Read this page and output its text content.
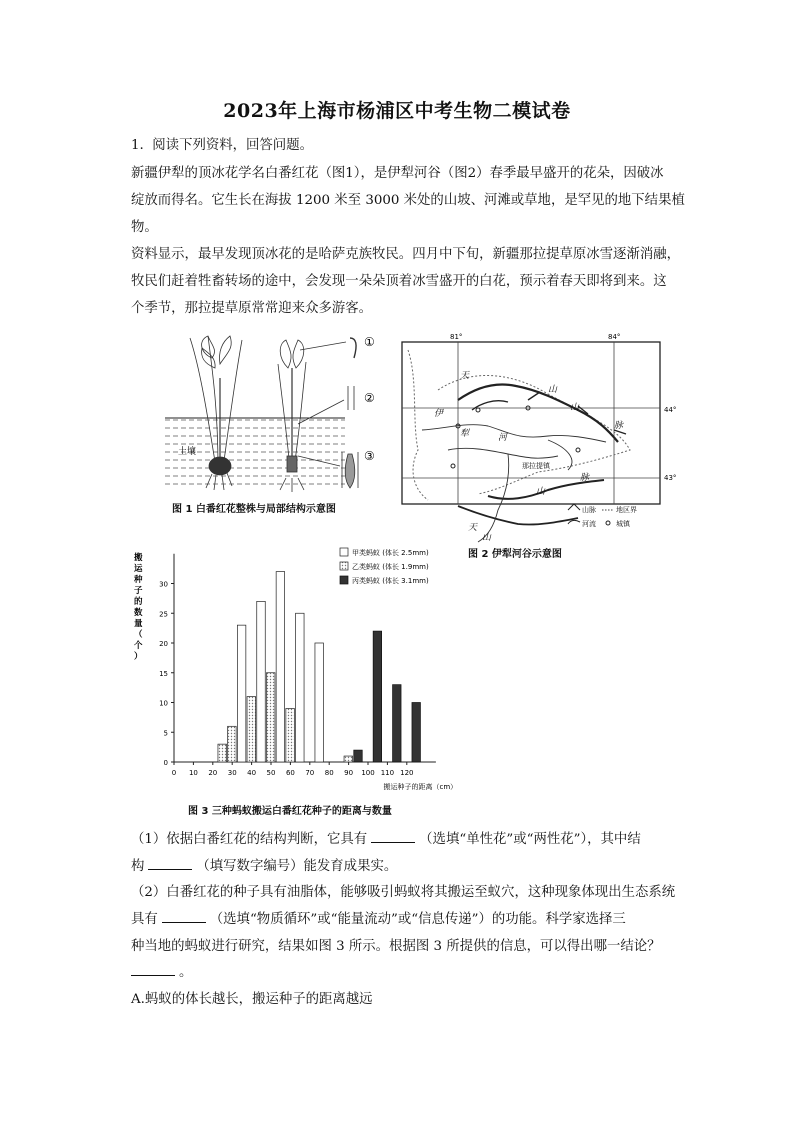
2023年上海市杨浦区中考生物二模试卷
1. 阅读下列资料，回答问题。
新疆伊犁的顶冰花学名白番红花（图1），是伊犁河谷（图2）春季最早盛开的花朵，因破冰
绽放而得名。它生长在海拔 1200 米至 3000 米处的山坡、河滩或草地，是罕见的地下结果植
物。
资料显示，最早发现顶冰花的是哈萨克族牧民。四月中下旬，新疆那拉提草原冰雪逐渐消融，
牧民们赶着牲畜转场的途中，会发现一朵朵顶着冰雪盛开的白花，预示着春天即将到来。这
个季节，那拉提草原常常迎来众多游客。
①
②
③
土壤
图 1 白番红花整株与局部结构示意图
81°	84°
44°
43°
天
山
山
脉
伊
犁	河
那拉提镇
山
脉
天
山
山脉	地区界
河流	城镇
图 2 伊犁河谷示意图
0
5
10
15
20
25
30
0 10 20 30 40 50 60 70 80 90 100 110 120
搬运种子的距离（cm）
搬
运
种
子
的
数
量
（
个
）
甲类蚂蚁 (体长 2.5mm)
乙类蚂蚁 (体长 1.9mm)
丙类蚂蚁 (体长 3.1mm)
图 3 三种蚂蚁搬运白番红花种子的距离与数量
（1）依据白番红花的结构判断，它具有	（选填“单性花”或“两性花”），其中结
构	（填写数字编号）能发育成果实。
（2）白番红花的种子具有油脂体，能够吸引蚂蚁将其搬运至蚁穴，这种现象体现出生态系统
具有	（选填“物质循环”或“能量流动”或“信息传递”）的功能。科学家选择三
种当地的蚂蚁进行研究，结果如图 3 所示。根据图 3 所提供的信息，可以得出哪一结论？
。
A.蚂蚁的体长越长，搬运种子的距离越远
